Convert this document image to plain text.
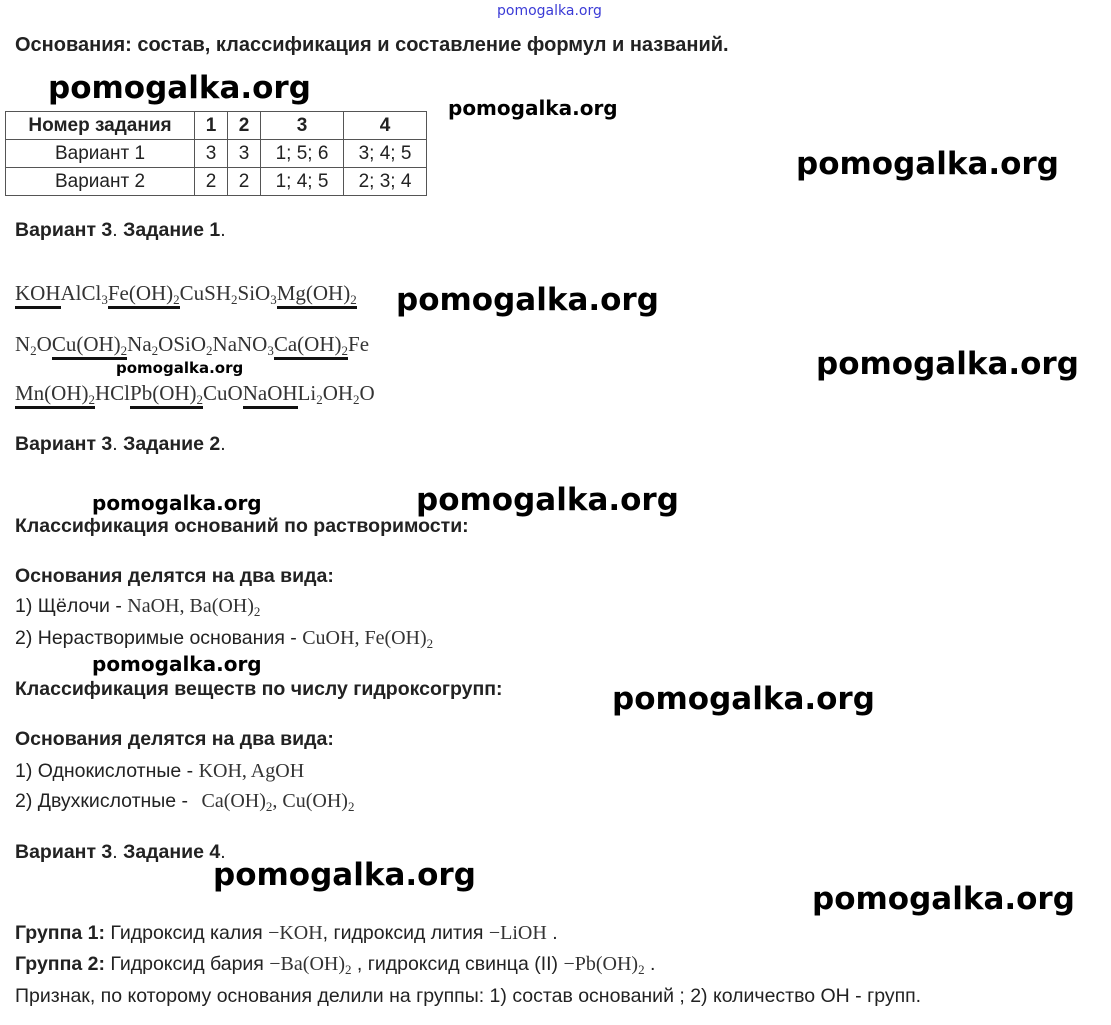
pomogalka.org
Основания: состав, классификация и составление формул и названий.
pomogalka.org
pomogalka.org
pomogalka.org
Номер задания	1	2	3	4
Вариант 1	3	3	1; 5; 6	3; 4; 5
Вариант 2	2	2	1; 4; 5	2; 3; 4
Вариант 3. Задание 1.
$KOHAlCl_3Fe(OH)_2CuSH_2SiO_3Mg(OH)_2$ pomogalka.org
$N_2OCu(OH)_2Na_2OSiO_2NaNO_3Ca(OH)_2Fe$
pomogalka.org	pomogalka.org
$Mn(OH)_2HClPb(OH)_2CuONaOHLi_2OH_2O$
Вариант 3. Задание 2.
pomogalka.org	pomogalka.org
Классификация оснований по растворимости:
Основания делятся на два вида:
1) Щёлочи - NaOH, $Ba(OH)_2$
2) Нерастворимые основания - CuOH, $Fe(OH)_2$
pomogalka.org
Классификация веществ по числу гидроксогрупп:	pomogalka.org
Основания делятся на два вида:
1) Однокислотные - KOH, AgOH
2) Двухкислотные - $Ca(OH)_2$, $Cu(OH)_2$
Вариант 3. Задание 4.
pomogalka.org
pomogalka.org
Группа 1: Гидроксид калия −KOH, гидроксид лития −LiOH .
Группа 2: Гидроксид бария $-Ba(OH)_2$ , гидроксид свинца $(II) -Pb(OH)_2$ .
Признак, по которому основания делили на группы: 1) состав оснований ; 2) количество ОН - групп.
